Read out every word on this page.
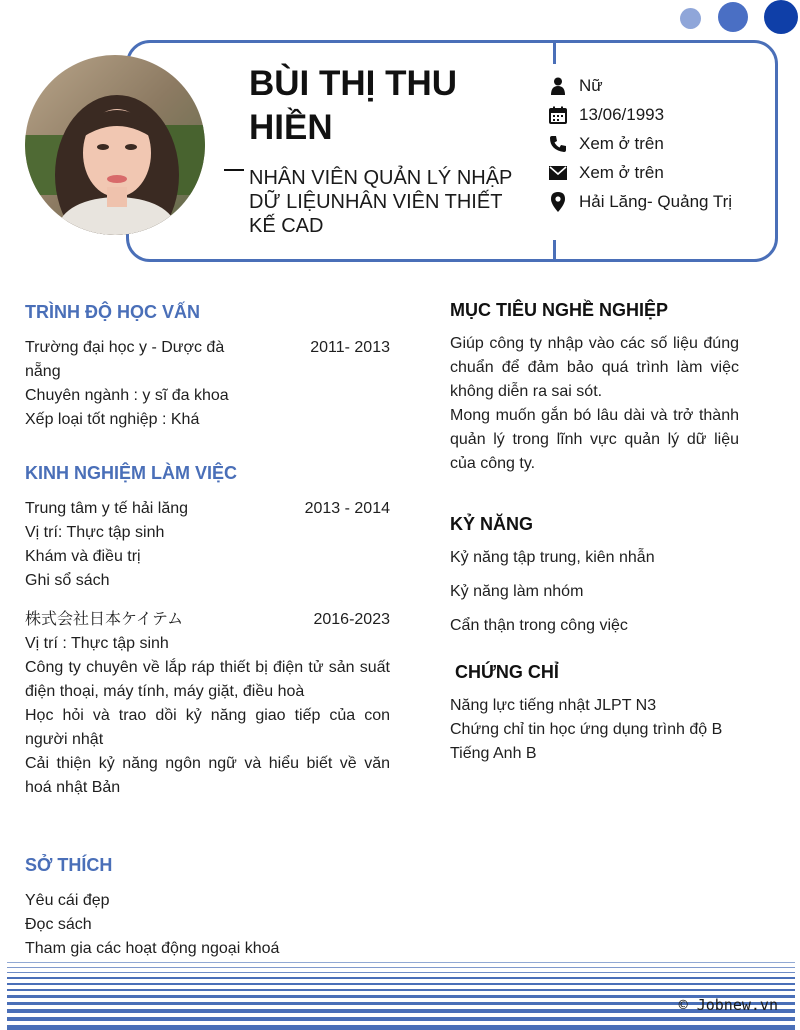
BÙI THỊ THU HIỀN
NHÂN VIÊN QUẢN LÝ NHẬP DỮ LIỆUNHÂN VIÊN THIẾT KẾ CAD
Nữ
13/06/1993
Xem ở trên
Xem ở trên
Hải Lăng- Quảng Trị
TRÌNH ĐỘ HỌC VẤN
Trường đại học y - Dược đà nẵng
2011- 2013
Chuyên ngành : y sĩ đa khoa
Xếp loại tốt nghiệp : Khá
KINH NGHIỆM LÀM VIỆC
Trung tâm y tế hải lăng	2013 - 2014
Vị trí: Thực tập sinh
Khám và điều trị
Ghi sổ sách
株式会社日本ケイテム	2016-2023
Vị trí : Thực tập sinh
Công ty chuyên về lắp ráp thiết bị điện tử sản suất điện thoại, máy tính, máy giặt, điều hoà
Học hỏi và trao dồi kỷ năng giao tiếp của con người nhật
Cải thiện kỷ năng ngôn ngữ và hiểu biết về văn hoá nhật Bản
SỞ THÍCH
Yêu cái đẹp
Đọc sách
Tham gia các hoạt động ngoại khoá
MỤC TIÊU NGHỀ NGHIỆP
Giúp công ty nhập vào các số liệu đúng chuẩn để đảm bảo quá trình làm việc không diễn ra sai sót.
Mong muốn gắn bó lâu dài và trở thành quản lý trong lĩnh vực quản lý dữ liệu của công ty.
KỶ NĂNG
Kỷ năng tập trung, kiên nhẫn
Kỷ năng làm nhóm
Cẩn thận trong công việc
CHỨNG CHỈ
Năng lực tiếng nhật JLPT N3
Chứng chỉ tin học ứng dụng trình độ B
Tiếng Anh B
© Jobnew.vn
